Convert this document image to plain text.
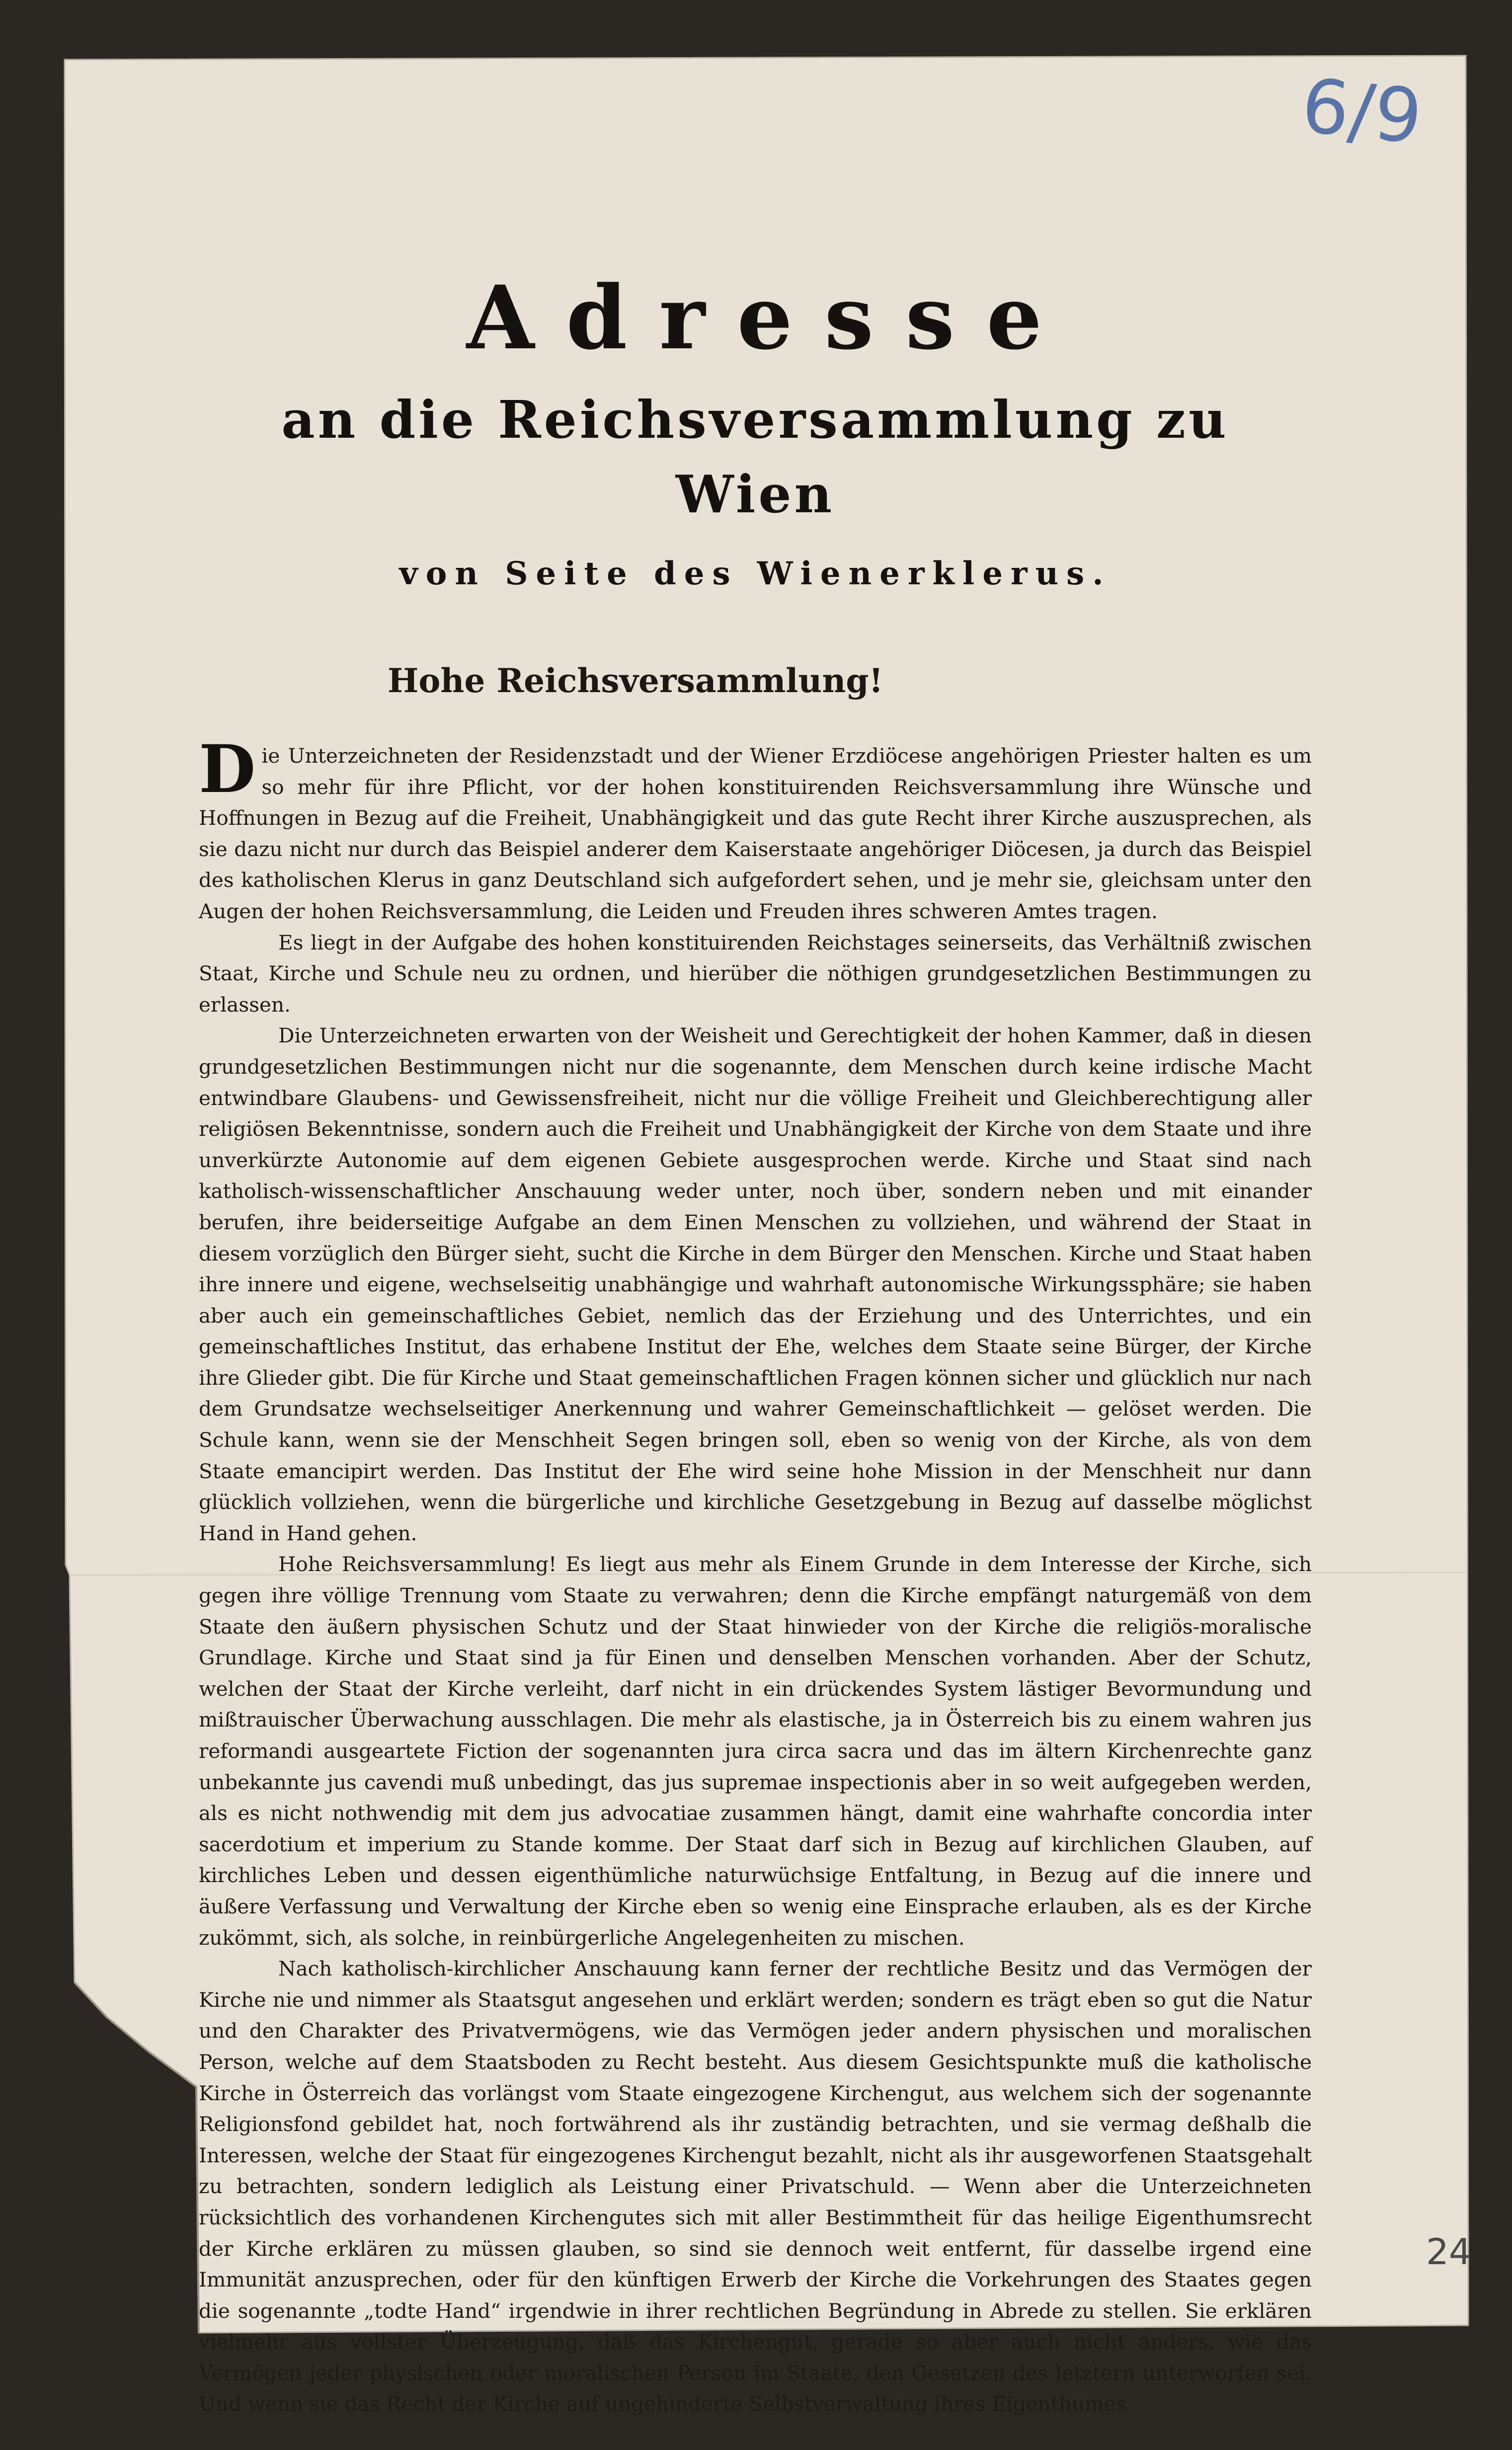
6/9
24
Adresse
an die Reichsversammlung zu Wien
von Seite des Wienerklerus.
Hohe Reichsversammlung!

Die Unterzeichneten der Residenzstadt und der Wiener Erzdiöcese angehörigen Priester halten es um so mehr für ihre Pflicht, vor der hohen konstituirenden Reichsversammlung ihre Wünsche und Hoffnungen in Bezug auf die Freiheit, Unabhängigkeit und das gute Recht ihrer Kirche auszusprechen, als sie dazu nicht nur durch das Beispiel anderer dem Kaiserstaate angehöriger Diöcesen, ja durch das Beispiel des katholischen Klerus in ganz Deutschland sich aufgefordert sehen, und je mehr sie, gleichsam unter den Augen der hohen Reichsversammlung, die Leiden und Freuden ihres schweren Amtes tragen.

Es liegt in der Aufgabe des hohen konstituirenden Reichstages seinerseits, das Verhältniß zwischen Staat, Kirche und Schule neu zu ordnen, und hierüber die nöthigen grundgesetzlichen Bestimmungen zu erlassen.

Die Unterzeichneten erwarten von der Weisheit und Gerechtigkeit der hohen Kammer, daß in diesen grundgesetzlichen Bestimmungen nicht nur die sogenannte, dem Menschen durch keine irdische Macht entwindbare Glaubens- und Gewissensfreiheit, nicht nur die völlige Freiheit und Gleichberechtigung aller religiösen Bekenntnisse, sondern auch die Freiheit und Unabhängigkeit der Kirche von dem Staate und ihre unverkürzte Autonomie auf dem eigenen Gebiete ausgesprochen werde. Kirche und Staat sind nach katholisch-wissenschaftlicher Anschauung weder unter, noch über, sondern neben und mit einander berufen, ihre beiderseitige Aufgabe an dem Einen Menschen zu vollziehen, und während der Staat in diesem vorzüglich den Bürger sieht, sucht die Kirche in dem Bürger den Menschen. Kirche und Staat haben ihre innere und eigene, wechselseitig unabhängige und wahrhaft autonomische Wirkungssphäre; sie haben aber auch ein gemeinschaftliches Gebiet, nemlich das der Erziehung und des Unterrichtes, und ein gemeinschaftliches Institut, das erhabene Institut der Ehe, welches dem Staate seine Bürger, der Kirche ihre Glieder gibt. Die für Kirche und Staat gemeinschaftlichen Fragen können sicher und glücklich nur nach dem Grundsatze wechselseitiger Anerkennung und wahrer Gemeinschaftlichkeit — gelöset werden. Die Schule kann, wenn sie der Menschheit Segen bringen soll, eben so wenig von der Kirche, als von dem Staate emancipirt werden. Das Institut der Ehe wird seine hohe Mission in der Menschheit nur dann glücklich vollziehen, wenn die bürgerliche und kirchliche Gesetzgebung in Bezug auf dasselbe möglichst Hand in Hand gehen.

Hohe Reichsversammlung! Es liegt aus mehr als Einem Grunde in dem Interesse der Kirche, sich gegen ihre völlige Trennung vom Staate zu verwahren; denn die Kirche empfängt naturgemäß von dem Staate den äußern physischen Schutz und der Staat hinwieder von der Kirche die religiös-moralische Grundlage. Kirche und Staat sind ja für Einen und denselben Menschen vorhanden. Aber der Schutz, welchen der Staat der Kirche verleiht, darf nicht in ein drückendes System lästiger Bevormundung und mißtrauischer Überwachung ausschlagen. Die mehr als elastische, ja in Österreich bis zu einem wahren jus reformandi ausgeartete Fiction der sogenannten jura circa sacra und das im ältern Kirchenrechte ganz unbekannte jus cavendi muß unbedingt, das jus supremae inspectionis aber in so weit aufgegeben werden, als es nicht nothwendig mit dem jus advocatiae zusammen hängt, damit eine wahrhafte concordia inter sacerdotium et imperium zu Stande komme. Der Staat darf sich in Bezug auf kirchlichen Glauben, auf kirchliches Leben und dessen eigenthümliche naturwüchsige Entfaltung, in Bezug auf die innere und äußere Verfassung und Verwaltung der Kirche eben so wenig eine Einsprache erlauben, als es der Kirche zukömmt, sich, als solche, in reinbürgerliche Angelegenheiten zu mischen.

Nach katholisch-kirchlicher Anschauung kann ferner der rechtliche Besitz und das Vermögen der Kirche nie und nimmer als Staatsgut angesehen und erklärt werden; sondern es trägt eben so gut die Natur und den Charakter des Privatvermögens, wie das Vermögen jeder andern physischen und moralischen Person, welche auf dem Staatsboden zu Recht besteht. Aus diesem Gesichtspunkte muß die katholische Kirche in Österreich das vorlängst vom Staate eingezogene Kirchengut, aus welchem sich der sogenannte Religionsfond gebildet hat, noch fortwährend als ihr zuständig betrachten, und sie vermag deßhalb die Interessen, welche der Staat für eingezogenes Kirchengut bezahlt, nicht als ihr ausgeworfenen Staatsgehalt zu betrachten, sondern lediglich als Leistung einer Privatschuld. — Wenn aber die Unterzeichneten rücksichtlich des vorhandenen Kirchengutes sich mit aller Bestimmtheit für das heilige Eigenthumsrecht der Kirche erklären zu müssen glauben, so sind sie dennoch weit entfernt, für dasselbe irgend eine Immunität anzusprechen, oder für den künftigen Erwerb der Kirche die Vorkehrungen des Staates gegen die sogenannte „todte Hand“ irgendwie in ihrer rechtlichen Begründung in Abrede zu stellen. Sie erklären vielmehr aus vollster Überzeugung, daß das Kirchengut, gerade so aber auch nicht anders, wie das Vermögen jeder physischen oder moralischen Person im Staate, den Gesetzen des letztern unterworfen sei. Und wenn sie das Recht der Kirche auf ungehinderte Selbstverwaltung ihres Eigenthumes
